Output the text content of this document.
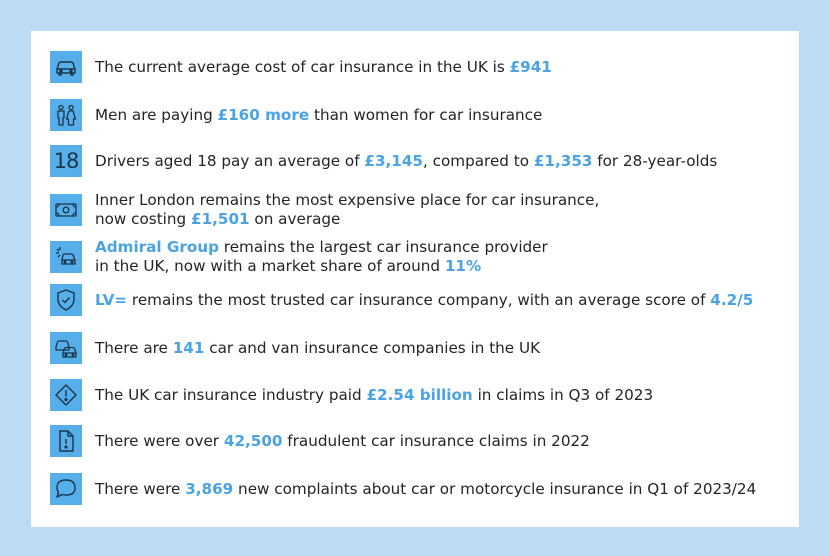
The current average cost of car insurance in the UK is £941
Men are paying £160 more than women for car insurance
18 Drivers aged 18 pay an average of £3,145, compared to £1,353 for 28-year-olds
Inner London remains the most expensive place for car insurance,
now costing £1,501 on average
Admiral Group remains the largest car insurance provider
in the UK, now with a market share of around 11%
LV= remains the most trusted car insurance company, with an average score of 4.2/5
There are 141 car and van insurance companies in the UK
The UK car insurance industry paid £2.54 billion in claims in Q3 of 2023
There were over 42,500 fraudulent car insurance claims in 2022
There were 3,869 new complaints about car or motorcycle insurance in Q1 of 2023/24
